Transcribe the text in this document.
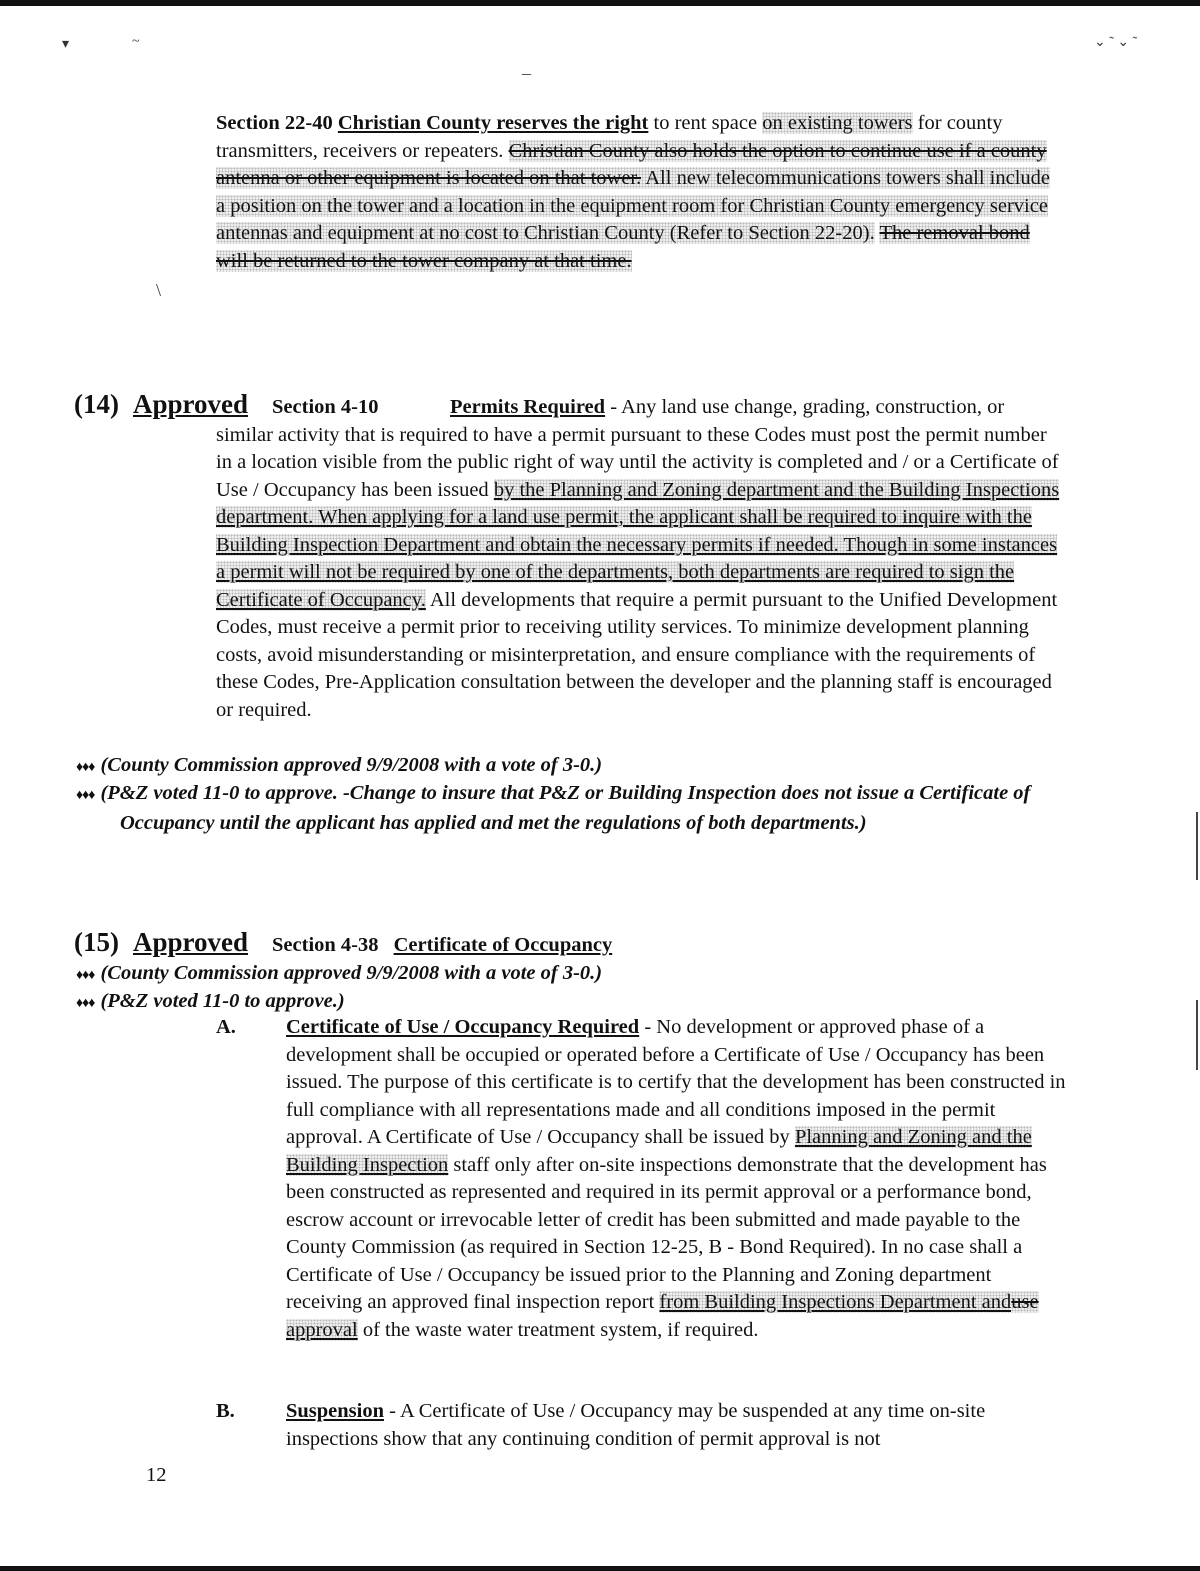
▾	~	⌄ ˜ ⌄ ˜
¯
\
Section 22-40 Christian County reserves the right to rent space on existing towers for county transmitters, receivers or repeaters. Christian County also holds the option to continue use if a county antenna or other equipment is located on that tower. All new telecommunications towers shall include a position on the tower and a location in the equipment room for Christian County emergency service antennas and equipment at no cost to Christian County (Refer to Section 22-20). The removal bond will be returned to the tower company at that time.
(14) Approved Section 4-10	Permits Required - Any land use change, grading, construction, or similar activity that is required to have a permit pursuant to these Codes must post the permit number in a location visible from the public right of way until the activity is completed and / or a Certificate of Use / Occupancy has been issued by the Planning and Zoning department and the Building Inspections department. When applying for a land use permit, the applicant shall be required to inquire with the Building Inspection Department and obtain the necessary permits if needed. Though in some instances a permit will not be required by one of the departments, both departments are required to sign the Certificate of Occupancy. All developments that require a permit pursuant to the Unified Development Codes, must receive a permit prior to receiving utility services. To minimize development planning costs, avoid misunderstanding or misinterpretation, and ensure compliance with the requirements of these Codes, Pre-Application consultation between the developer and the planning staff is encouraged or required.
♦♦♦ (County Commission approved 9/9/2008 with a vote of 3-0.)
♦♦♦ (P&Z voted 11-0 to approve. -Change to insure that P&Z or Building Inspection does not issue a Certificate of Occupancy until the applicant has applied and met the regulations of both departments.)
(15) Approved Section 4-38 Certificate of Occupancy
♦♦♦ (County Commission approved 9/9/2008 with a vote of 3-0.)
♦♦♦ (P&Z voted 11-0 to approve.)
A. Certificate of Use / Occupancy Required - No development or approved phase of a development shall be occupied or operated before a Certificate of Use / Occupancy has been issued. The purpose of this certificate is to certify that the development has been constructed in full compliance with all representations made and all conditions imposed in the permit approval. A Certificate of Use / Occupancy shall be issued by Planning and Zoning and the Building Inspection staff only after on-site inspections demonstrate that the development has been constructed as represented and required in its permit approval or a performance bond, escrow account or irrevocable letter of credit has been submitted and made payable to the County Commission (as required in Section 12-25, B - Bond Required). In no case shall a Certificate of Use / Occupancy be issued prior to the Planning and Zoning department receiving an approved final inspection report from Building Inspections Department anduse approval of the waste water treatment system, if required.
B. Suspension - A Certificate of Use / Occupancy may be suspended at any time on-site inspections show that any continuing condition of permit approval is not
12
